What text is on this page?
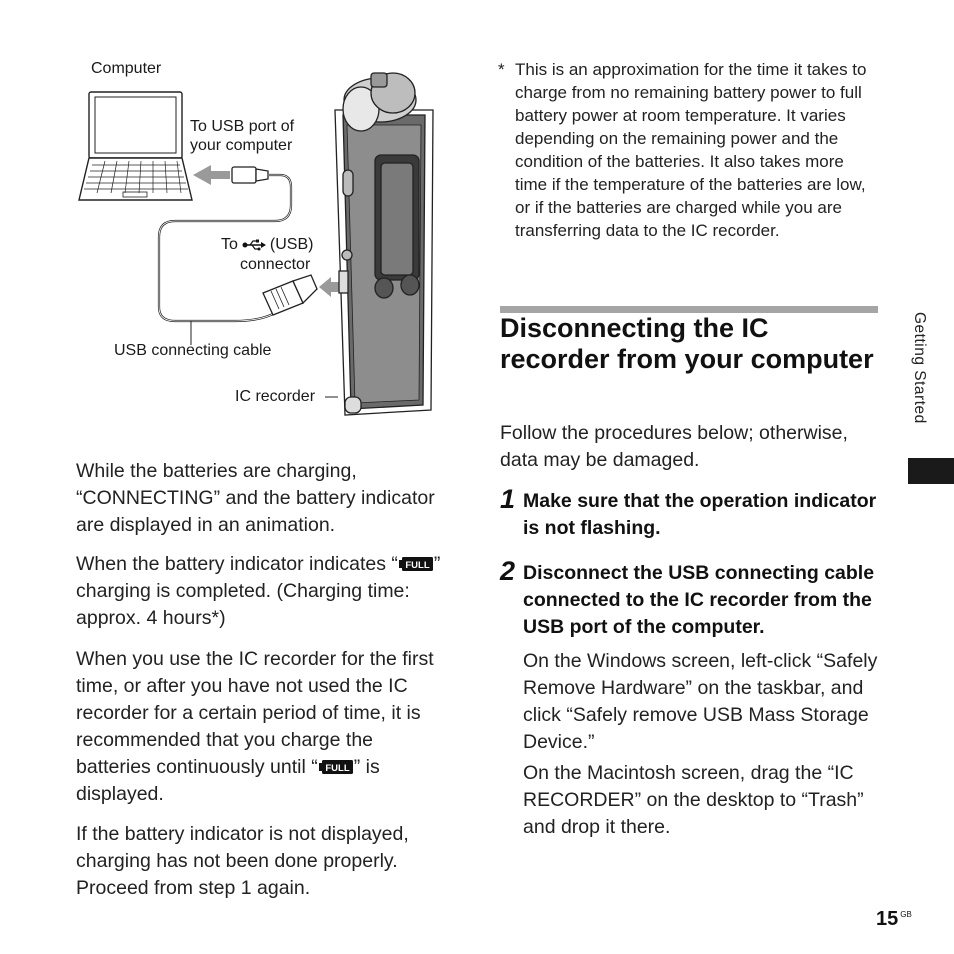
Computer
To USB port of
your computer
To (USB)
connector
USB connecting cable
IC recorder
While the batteries are charging, “CONNECTING” and the battery indicator are displayed in an animation.
When the battery indicator indicates “ FULL ” charging is completed. (Charging time: approx. 4 hours*)
When you use the IC recorder for the first time, or after you have not used the IC recorder for a certain period of time, it is recommended that you charge the batteries continuously until “ FULL ” is displayed.
If the battery indicator is not displayed, charging has not been done properly. Proceed from step 1 again.
* This is an approximation for the time it takes to charge from no remaining battery power to full battery power at room temperature. It varies depending on the remaining power and the condition of the batteries. It also takes more time if the temperature of the batteries are low, or if the batteries are charged while you are transferring data to the IC recorder.
Disconnecting the IC recorder from your computer
Follow the procedures below; otherwise, data may be damaged.
1 Make sure that the operation indicator is not flashing.
2 Disconnect the USB connecting cable connected to the IC recorder from the USB port of the computer.
On the Windows screen, left-click “Safely Remove Hardware” on the taskbar, and click “Safely remove USB Mass Storage Device.”
On the Macintosh screen, drag the “IC RECORDER” on the desktop to “Trash” and drop it there.
Getting Started
15 $^{GB}$
